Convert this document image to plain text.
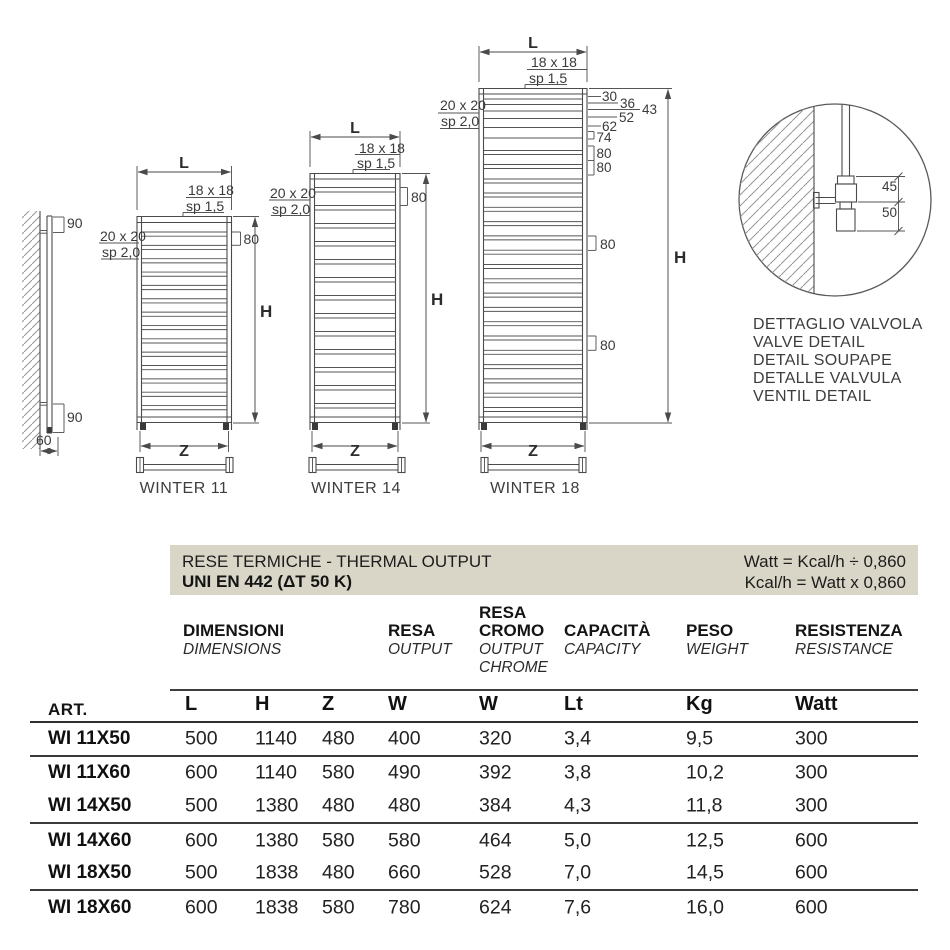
90
90
60
L
18 x 18
sp 1,5
20 x 20
sp 2,0
80
H
Z
WINTER 11
L
18 x 18
sp 1,5
20 x 20
sp 2,0
80
H
Z
WINTER 14
L
18 x 18
sp 1,5
20 x 20
sp 2,0
30 36 43
52
62
74
80
80
80
80
H
Z
WINTER 18
45
50
DETTAGLIO VALVOLA
VALVE DETAIL
DETAIL SOUPAPE
DETALLE VALVULA
VENTIL DETAIL
RESE TERMICHE - THERMAL OUTPUT
UNI EN 442 (ΔT 50 K)
Watt = Kcal/h ÷ 0,860
Kcal/h = Watt x 0,860
DIMENSIONI
DIMENSIONS
RESA
OUTPUT
RESA
CROMO
OUTPUT
CHROME
CAPACITÀ
CAPACITY
PESO
WEIGHT
RESISTENZA
RESISTANCE
ART.	L	H	Z	W	W	Lt	Kg	Watt
WI 11X50	500 1140 480 400	320	3,4	9,5	300
WI 11X60	600 1140 580 490	392	3,8	10,2	300
WI 14X50	500 1380 480 480	384	4,3	11,8	300
WI 14X60	600 1380 580 580	464	5,0	12,5	600
WI 18X50	500 1838 480 660	528	7,0	14,5	600
WI 18X60	600 1838 580 780	624	7,6	16,0	600
